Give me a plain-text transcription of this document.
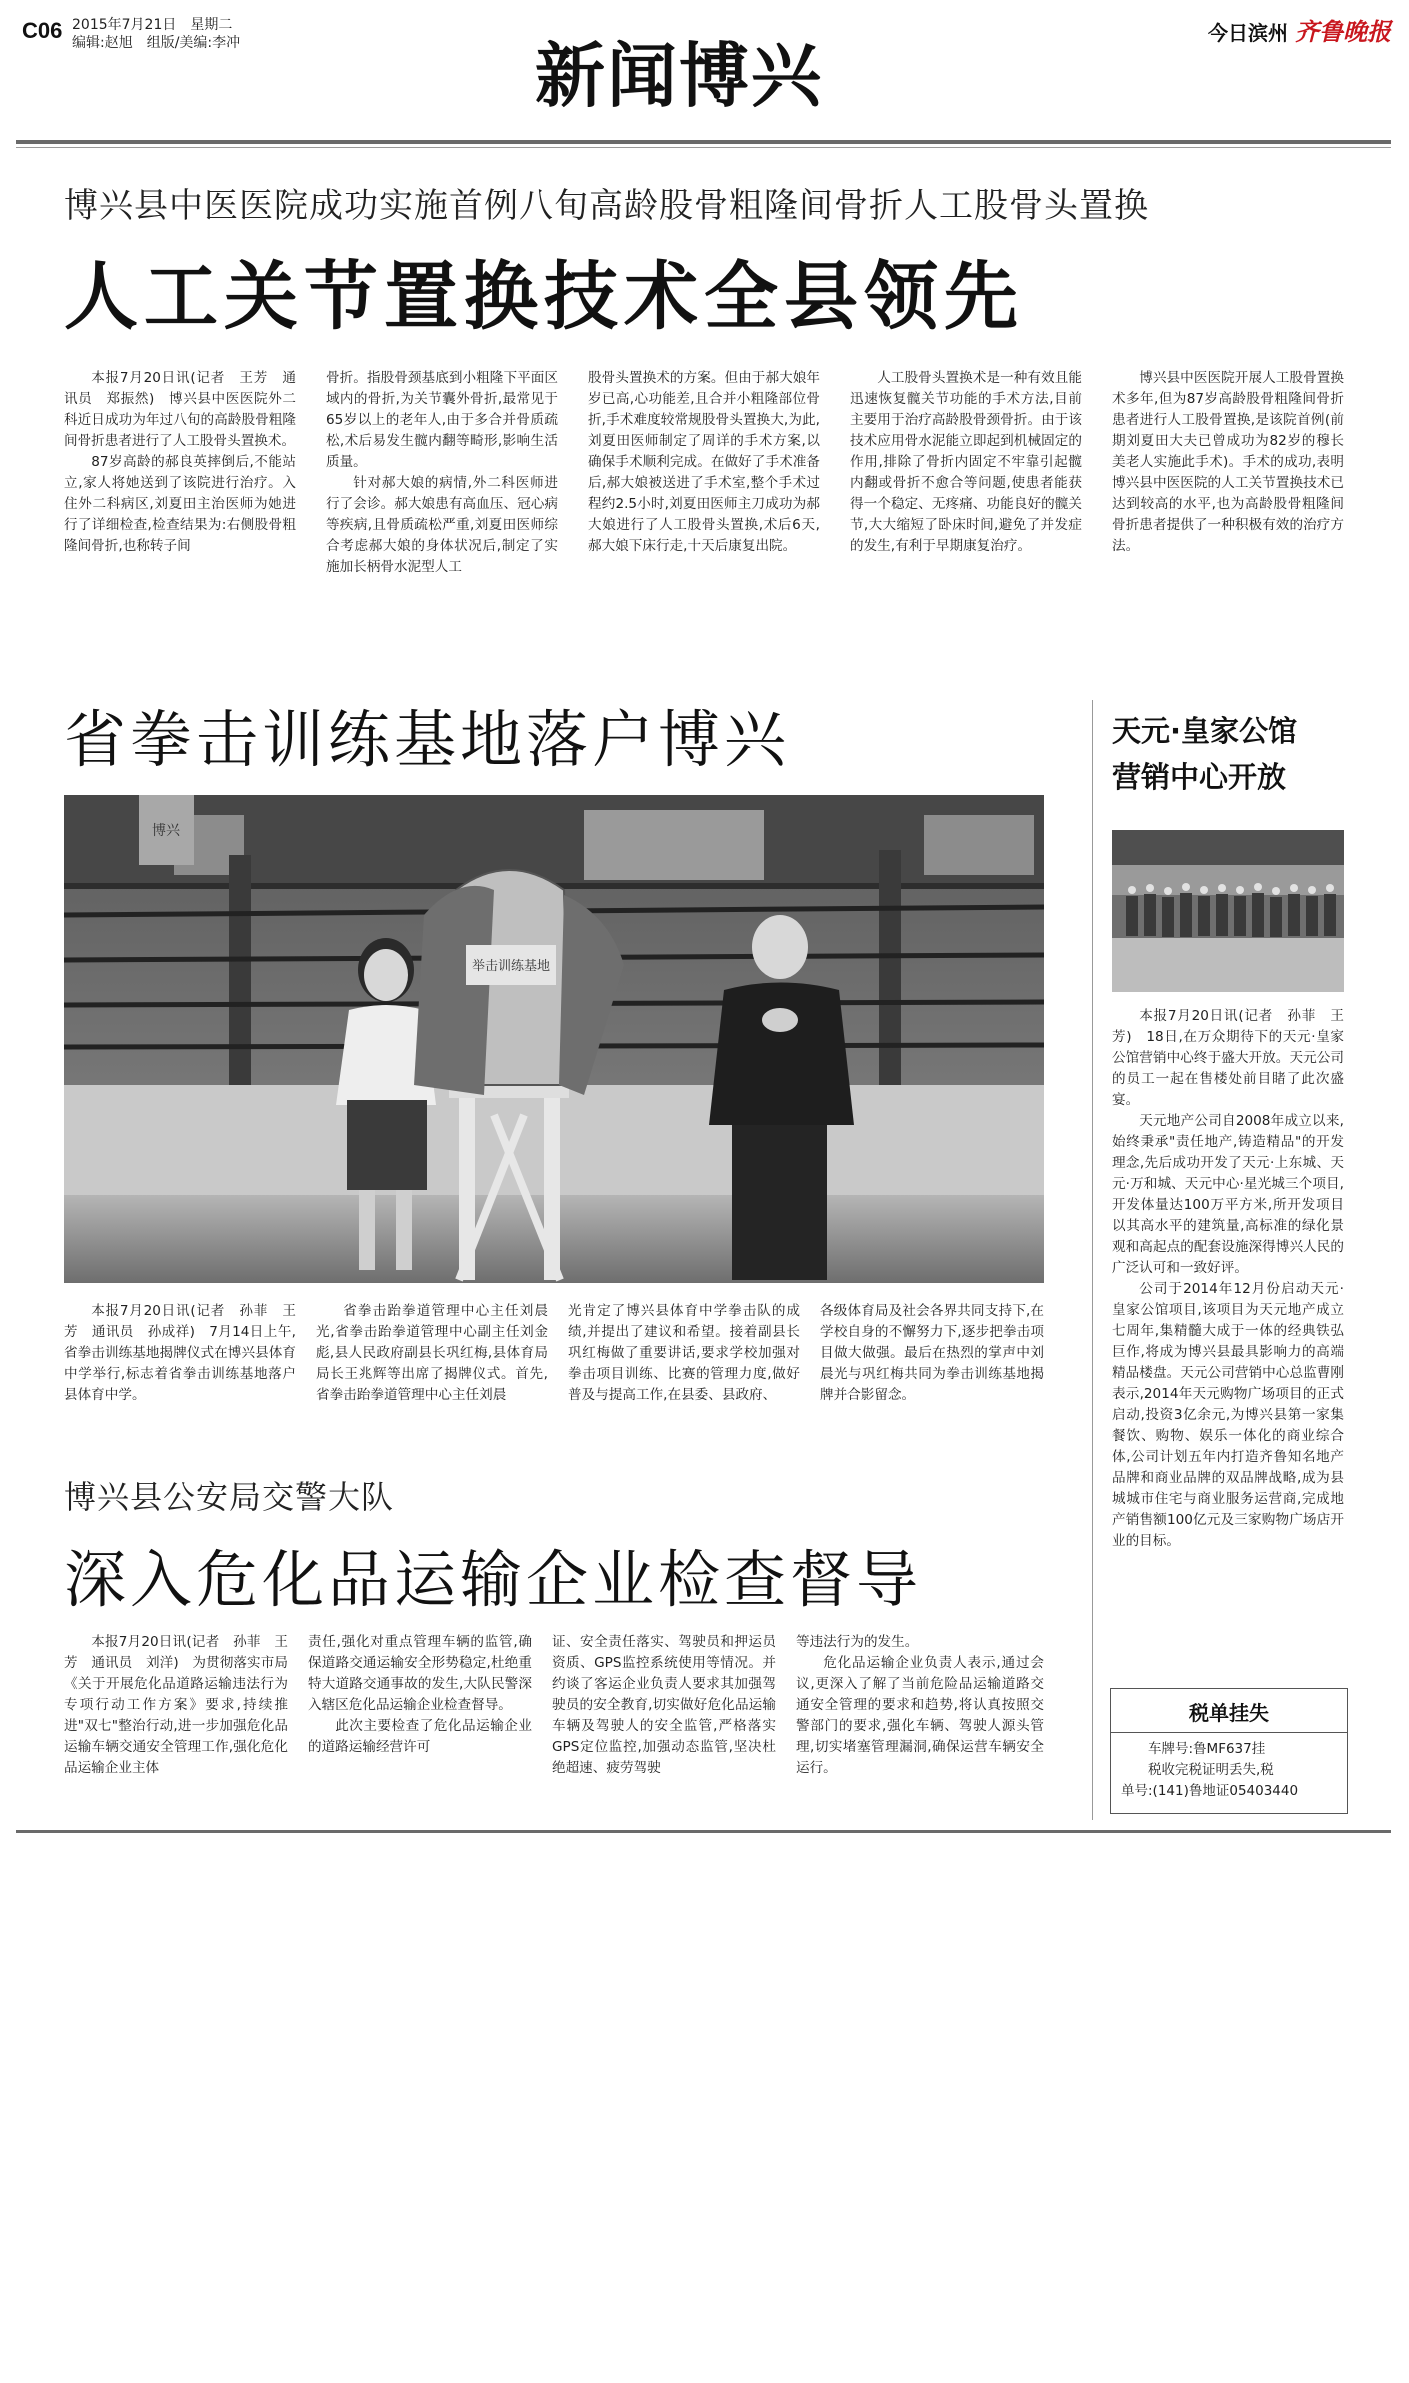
C06 2015年7月21日　星期二
编辑:赵旭　组版/美编:李冲	新闻博兴
今日滨州 齐鲁晚报
博兴县中医医院成功实施首例八旬高龄股骨粗隆间骨折人工股骨头置换
人工关节置换技术全县领先

本报7月20日讯(记者　王芳　通讯员　郑振然)　博兴县中医医院外二科近日成功为年过八旬的高龄股骨粗隆间骨折患者进行了人工股骨头置换术。

87岁高龄的郝良英摔倒后,不能站立,家人将她送到了该院进行治疗。入住外二科病区,刘夏田主治医师为她进行了详细检查,检查结果为:右侧股骨粗隆间骨折,也称转子间

骨折。指股骨颈基底到小粗隆下平面区域内的骨折,为关节囊外骨折,最常见于65岁以上的老年人,由于多合并骨质疏松,术后易发生髋内翻等畸形,影响生活质量。

针对郝大娘的病情,外二科医师进行了会诊。郝大娘患有高血压、冠心病等疾病,且骨质疏松严重,刘夏田医师综合考虑郝大娘的身体状况后,制定了实施加长柄骨水泥型人工

股骨头置换术的方案。但由于郝大娘年岁已高,心功能差,且合并小粗隆部位骨折,手术难度较常规股骨头置换大,为此,刘夏田医师制定了周详的手术方案,以确保手术顺利完成。在做好了手术准备后,郝大娘被送进了手术室,整个手术过程约2.5小时,刘夏田医师主刀成功为郝大娘进行了人工股骨头置换,术后6天,郝大娘下床行走,十天后康复出院。

人工股骨头置换术是一种有效且能迅速恢复髋关节功能的手术方法,目前主要用于治疗高龄股骨颈骨折。由于该技术应用骨水泥能立即起到机械固定的作用,排除了骨折内固定不牢靠引起髋内翻或骨折不愈合等问题,使患者能获得一个稳定、无疼痛、功能良好的髋关节,大大缩短了卧床时间,避免了并发症的发生,有利于早期康复治疗。

博兴县中医医院开展人工股骨置换术多年,但为87岁高龄股骨粗隆间骨折患者进行人工股骨置换,是该院首例(前期刘夏田大夫已曾成功为82岁的穆长美老人实施此手术)。手术的成功,表明博兴县中医医院的人工关节置换技术已达到较高的水平,也为高龄股骨粗隆间骨折患者提供了一种积极有效的治疗方法。

省拳击训练基地落户博兴
举击训练基地
博兴

本报7月20日讯(记者　孙菲　王芳　通讯员　孙成祥)　7月14日上午,省拳击训练基地揭牌仪式在博兴县体育中学举行,标志着省拳击训练基地落户县体育中学。

省拳击跆拳道管理中心主任刘晨光,省拳击跆拳道管理中心副主任刘金彪,县人民政府副县长巩红梅,县体育局局长王兆辉等出席了揭牌仪式。首先,省拳击跆拳道管理中心主任刘晨

光肯定了博兴县体育中学拳击队的成绩,并提出了建议和希望。接着副县长巩红梅做了重要讲话,要求学校加强对拳击项目训练、比赛的管理力度,做好普及与提高工作,在县委、县政府、

各级体育局及社会各界共同支持下,在学校自身的不懈努力下,逐步把拳击项目做大做强。最后在热烈的掌声中刘晨光与巩红梅共同为拳击训练基地揭牌并合影留念。

博兴县公安局交警大队
深入危化品运输企业检查督导

本报7月20日讯(记者　孙菲　王芳　通讯员　刘洋)　为贯彻落实市局《关于开展危化品道路运输违法行为专项行动工作方案》要求,持续推进"双七"整治行动,进一步加强危化品运输车辆交通安全管理工作,强化危化品运输企业主体

责任,强化对重点管理车辆的监管,确保道路交通运输安全形势稳定,杜绝重特大道路交通事故的发生,大队民警深入辖区危化品运输企业检查督导。

此次主要检查了危化品运输企业的道路运输经营许可

证、安全责任落实、驾驶员和押运员资质、GPS监控系统使用等情况。并约谈了客运企业负责人要求其加强驾驶员的安全教育,切实做好危化品运输车辆及驾驶人的安全监管,严格落实GPS定位监控,加强动态监管,坚决杜绝超速、疲劳驾驶

等违法行为的发生。

危化品运输企业负责人表示,通过会议,更深入了解了当前危险品运输道路交通安全管理的要求和趋势,将认真按照交警部门的要求,强化车辆、驾驶人源头管理,切实堵塞管理漏洞,确保运营车辆安全运行。

天元·皇家公馆
营销中心开放

本报7月20日讯(记者　孙菲　王芳)　18日,在万众期待下的天元·皇家公馆营销中心终于盛大开放。天元公司的员工一起在售楼处前目睹了此次盛宴。

天元地产公司自2008年成立以来,始终秉承"责任地产,铸造精品"的开发理念,先后成功开发了天元·上东城、天元·万和城、天元中心·星光城三个项目,开发体量达100万平方米,所开发项目以其高水平的建筑量,高标准的绿化景观和高起点的配套设施深得博兴人民的广泛认可和一致好评。

公司于2014年12月份启动天元·皇家公馆项目,该项目为天元地产成立七周年,集精髓大成于一体的经典铁弘巨作,将成为博兴县最具影响力的高端精品楼盘。天元公司营销中心总监曹刚表示,2014年天元购物广场项目的正式启动,投资3亿余元,为博兴县第一家集餐饮、购物、娱乐一体化的商业综合体,公司计划五年内打造齐鲁知名地产品牌和商业品牌的双品牌战略,成为县城城市住宅与商业服务运营商,完成地产销售额100亿元及三家购物广场店开业的目标。

税单挂失
车牌号:鲁MF637挂
税收完税证明丢失,税
单号:(141)鲁地证05403440
